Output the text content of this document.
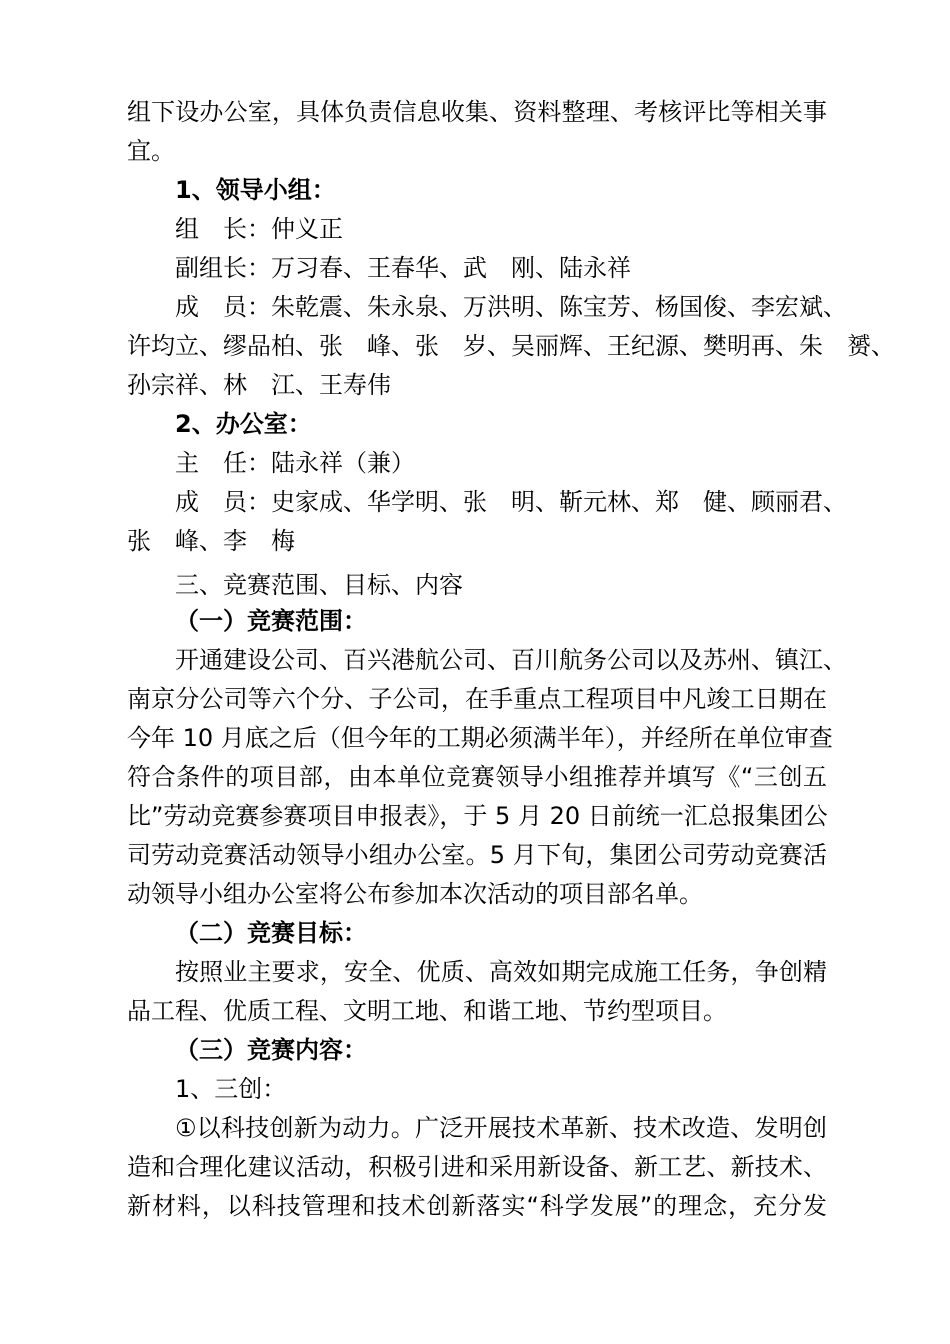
组下设办公室，具体负责信息收集、资料整理、考核评比等相关事
宜。
1、领导小组：
组　长：仲义正
副组长：万习春、王春华、武　刚、陆永祥
成　员：朱乾震、朱永泉、万洪明、陈宝芳、杨国俊、李宏斌、
许均立、缪品柏、张　峰、张　岁、吴丽辉、王纪源、樊明再、朱　赟、
孙宗祥、林　江、王寿伟
2、办公室：
主　任：陆永祥（兼）
成　员：史家成、华学明、张　明、靳元林、郑　健、顾丽君、
张　峰、李　梅
三、竞赛范围、目标、内容
（一）竞赛范围：
开通建设公司、百兴港航公司、百川航务公司以及苏州、镇江、
南京分公司等六个分、子公司，在手重点工程项目中凡竣工日期在
今年 10 月底之后（但今年的工期必须满半年），并经所在单位审查
符合条件的项目部，由本单位竞赛领导小组推荐并填写《“三创五
比”劳动竞赛参赛项目申报表》，于 5 月 20 日前统一汇总报集团公
司劳动竞赛活动领导小组办公室。5 月下旬，集团公司劳动竞赛活
动领导小组办公室将公布参加本次活动的项目部名单。
（二）竞赛目标：
按照业主要求，安全、优质、高效如期完成施工任务，争创精
品工程、优质工程、文明工地、和谐工地、节约型项目。
（三）竞赛内容：
1、三创：
①以科技创新为动力。广泛开展技术革新、技术改造、发明创
造和合理化建议活动，积极引进和采用新设备、新工艺、新技术、
新材料，以科技管理和技术创新落实“科学发展”的理念，充分发
